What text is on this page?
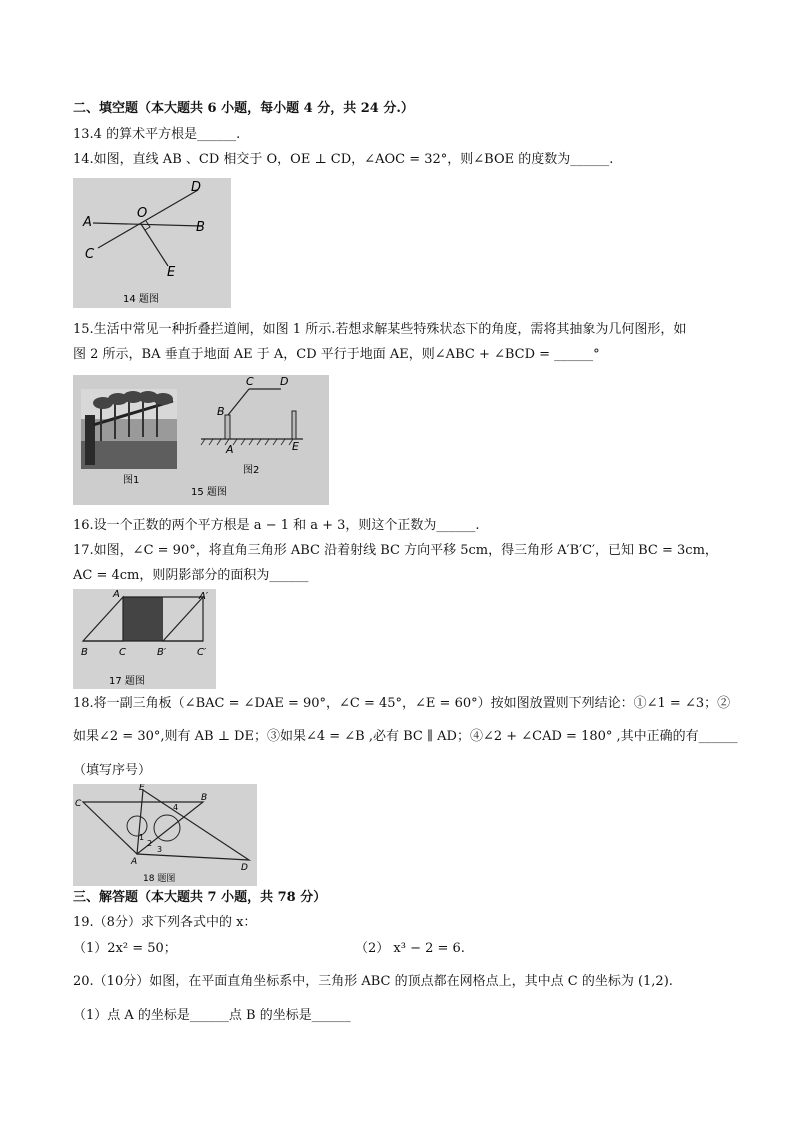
二、填空题（本大题共 6 小题，每小题 4 分，共 24 分.）
13.4 的算术平方根是______.
14.如图，直线 AB 、CD 相交于 O，OE ⊥ CD，∠AOC = 32°，则∠BOE 的度数为______.
D
A
O
B
C
E
14 题图
15.生活中常见一种折叠拦道闸，如图 1 所示.若想求解某些特殊状态下的角度，需将其抽象为几何图形，如
图 2 所示，BA 垂直于地面 AE 于 A，CD 平行于地面 AE，则∠ABC + ∠BCD = ______°
图1
C D
B
A	E
图2
15 题图
16.设一个正数的两个平方根是 a − 1 和 a + 3，则这个正数为______.
17.如图，∠C = 90°，将直角三角形 ABC 沿着射线 BC 方向平移 5cm，得三角形 A′B′C′，已知 BC = 3cm，
AC = 4cm，则阴影部分的面积为______
A	A′
B	C	B′	C′
17 题图
18.将一副三角板（∠BAC = ∠DAE = 90°，∠C = 45°，∠E = 60°）按如图放置则下列结论：①∠1 = ∠3；②
如果∠2 = 30°,则有 AB ⊥ DE；③如果∠4 = ∠B ,必有 BC ∥ AD；④∠2 + ∠CAD = 180° ,其中正确的有______
（填写序号）
E
C
B
4
1
2
3
A
D
18 题图
三、解答题（本大题共 7 小题，共 78 分）
19.（8分）求下列各式中的 x：
（1）2x² = 50；	（2） x³ − 2 = 6.
20.（10分）如图，在平面直角坐标系中，三角形 ABC 的顶点都在网格点上，其中点 C 的坐标为 (1,2).
（1）点 A 的坐标是______点 B 的坐标是______
